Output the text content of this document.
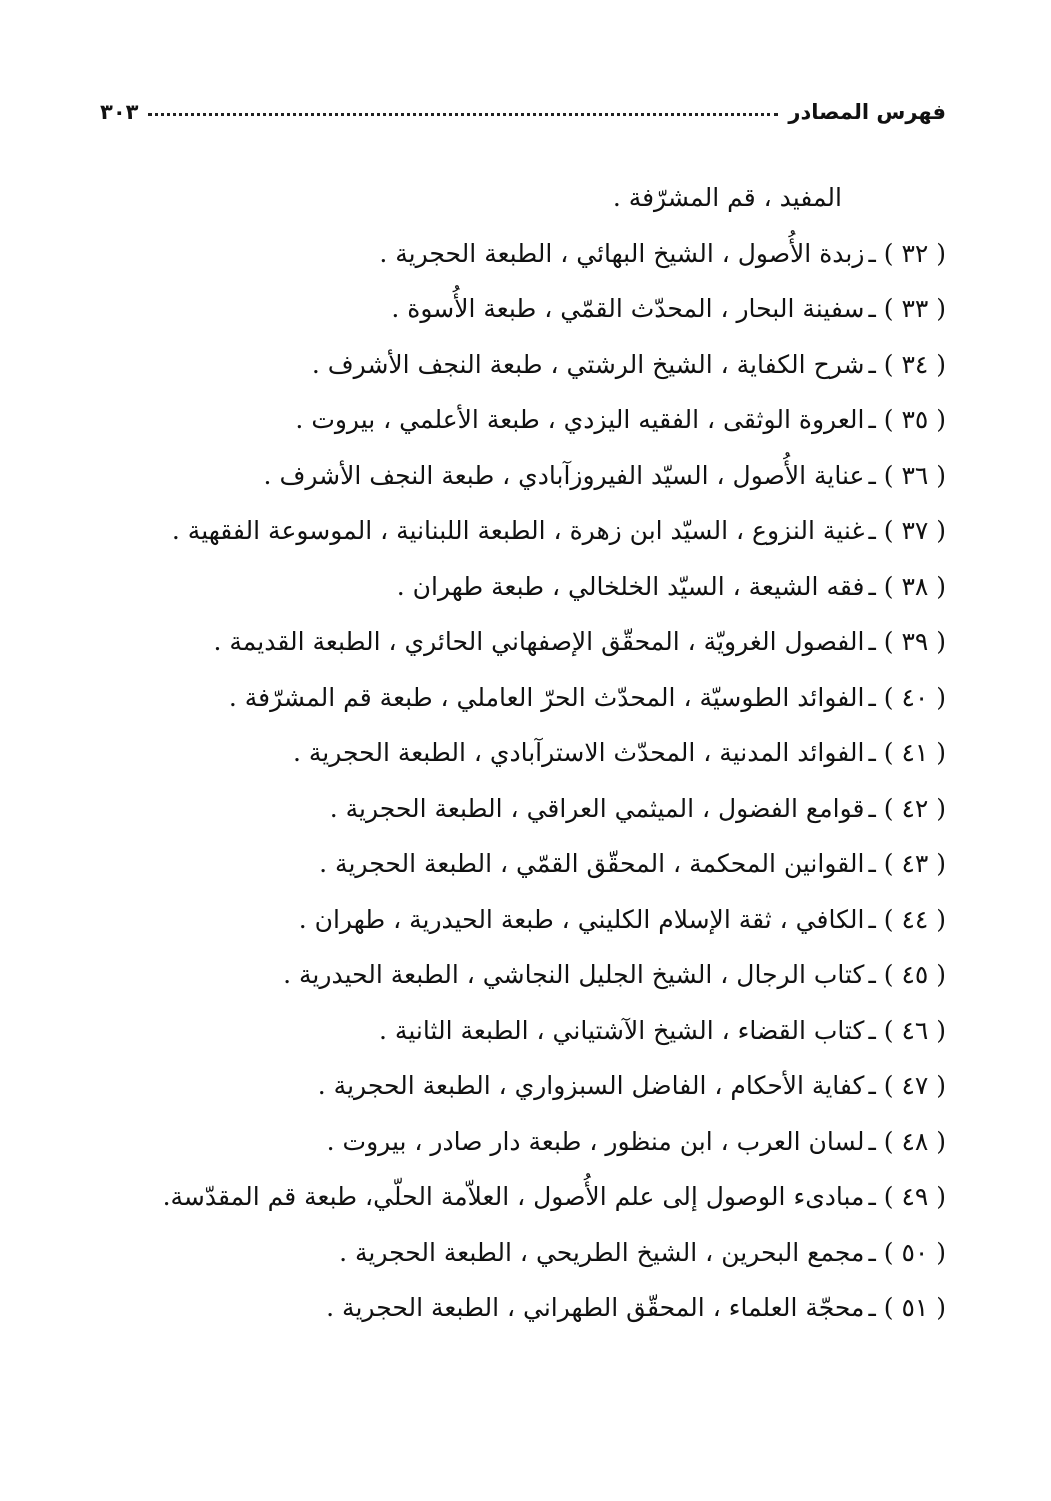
فهرس المصادر
٣٠٣
المفيد ، قم المشرّفة .
( ٣٢ ) ـزبدة الأُصول ، الشيخ البهائي ، الطبعة الحجرية .
( ٣٣ ) ـسفينة البحار ، المحدّث القمّي ، طبعة الأُسوة .
( ٣٤ ) ـشرح الكفاية ، الشيخ الرشتي ، طبعة النجف الأشرف .
( ٣٥ ) ـالعروة الوثقى ، الفقيه اليزدي ، طبعة الأعلمي ، بيروت .
( ٣٦ ) ـعناية الأُصول ، السيّد الفيروزآبادي ، طبعة النجف الأشرف .
( ٣٧ ) ـغنية النزوع ، السيّد ابن زهرة ، الطبعة اللبنانية ، الموسوعة الفقهية .
( ٣٨ ) ـفقه الشيعة ، السيّد الخلخالي ، طبعة طهران .
( ٣٩ ) ـالفصول الغرويّة ، المحقّق الإصفهاني الحائري ، الطبعة القديمة .
( ٤٠ ) ـالفوائد الطوسيّة ، المحدّث الحرّ العاملي ، طبعة قم المشرّفة .
( ٤١ ) ـالفوائد المدنية ، المحدّث الاسترآبادي ، الطبعة الحجرية .
( ٤٢ ) ـقوامع الفضول ، الميثمي العراقي ، الطبعة الحجرية .
( ٤٣ ) ـالقوانين المحكمة ، المحقّق القمّي ، الطبعة الحجرية .
( ٤٤ ) ـالكافي ، ثقة الإسلام الكليني ، طبعة الحيدرية ، طهران .
( ٤٥ ) ـكتاب الرجال ، الشيخ الجليل النجاشي ، الطبعة الحيدرية .
( ٤٦ ) ـكتاب القضاء ، الشيخ الآشتياني ، الطبعة الثانية .
( ٤٧ ) ـكفاية الأحكام ، الفاضل السبزواري ، الطبعة الحجرية .
( ٤٨ ) ـلسان العرب ، ابن منظور ، طبعة دار صادر ، بيروت .
( ٤٩ ) ـمبادىء الوصول إلى علم الأُصول ، العلاّمة الحلّي، طبعة قم المقدّسة.
( ٥٠ ) ـمجمع البحرين ، الشيخ الطريحي ، الطبعة الحجرية .
( ٥١ ) ـمحجّة العلماء ، المحقّق الطهراني ، الطبعة الحجرية .
